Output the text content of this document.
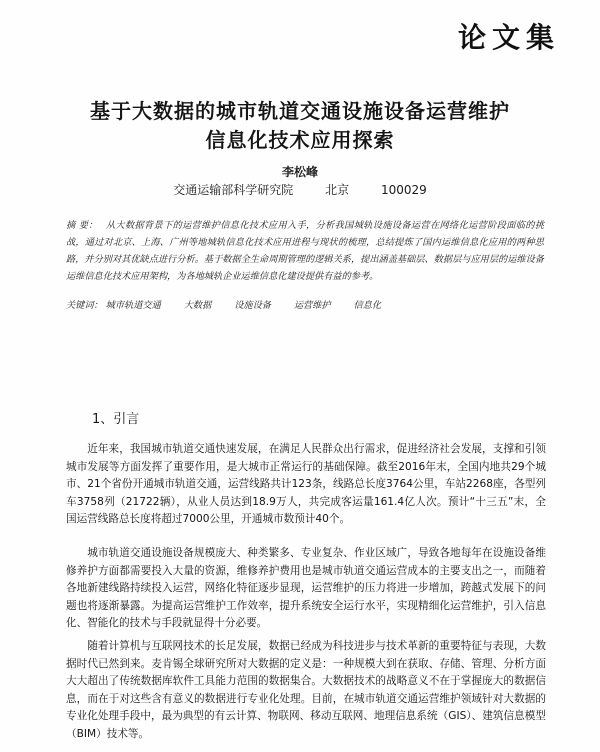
论文集
基于大数据的城市轨道交通设施设备运营维护
信息化技术应用探索
李松峰
交通运输部科学研究院	北京	100029
摘 要： 从大数据背景下的运营维护信息化技术应用入手，分析我国城轨设施设备运营在网络化运营阶段面临的挑战，通过对北京、上海、广州等地城轨信息化技术应用进程与现状的梳理，总结提炼了国内运维信息化应用的两种思路，并分别对其优缺点进行分析。基于数据全生命周期管理的逻辑关系，提出涵盖基础层、数据层与应用层的运维设备运维信息化技术应用架构，为各地城轨企业运维信息化建设提供有益的参考。
关键词： 城市轨道交通 大数据 设施设备 运营维护 信息化
1、引言
近年来，我国城市轨道交通快速发展，在满足人民群众出行需求，促进经济社会发展，支撑和引领城市发展等方面发挥了重要作用，是大城市正常运行的基础保障。截至2016年末，全国内地共29个城市、21个省份开通城市轨道交通，运营线路共计123条，线路总长度3764公里，车站2268座，各型列车3758列（21722辆），从业人员达到18.9万人，共完成客运量161.4亿人次。预计“十三五”末，全国运营线路总长度将超过7000公里，开通城市数预计40个。
城市轨道交通设施设备规模庞大、种类繁多、专业复杂、作业区域广，导致各地每年在设施设备维修养护方面都需要投入大量的资源，维修养护费用也是城市轨道交通运营成本的主要支出之一，而随着各地新建线路持续投入运营，网络化特征逐步显现，运营维护的压力将进一步增加，跨越式发展下的问题也将逐渐暴露。为提高运营维护工作效率，提升系统安全运行水平，实现精细化运营维护，引入信息化、智能化的技术与手段就显得十分必要。
随着计算机与互联网技术的长足发展，数据已经成为科技进步与技术革新的重要特征与表现，大数据时代已然到来。麦肯锡全球研究所对大数据的定义是：一种规模大到在获取、存储、管理、分析方面大大超出了传统数据库软件工具能力范围的数据集合。大数据技术的战略意义不在于掌握庞大的数据信息，而在于对这些含有意义的数据进行专业化处理。目前，在城市轨道交通运营维护领域针对大数据的专业化处理手段中，最为典型的有云计算、物联网、移动互联网、地理信息系统（GIS）、建筑信息模型（BIM）技术等。
